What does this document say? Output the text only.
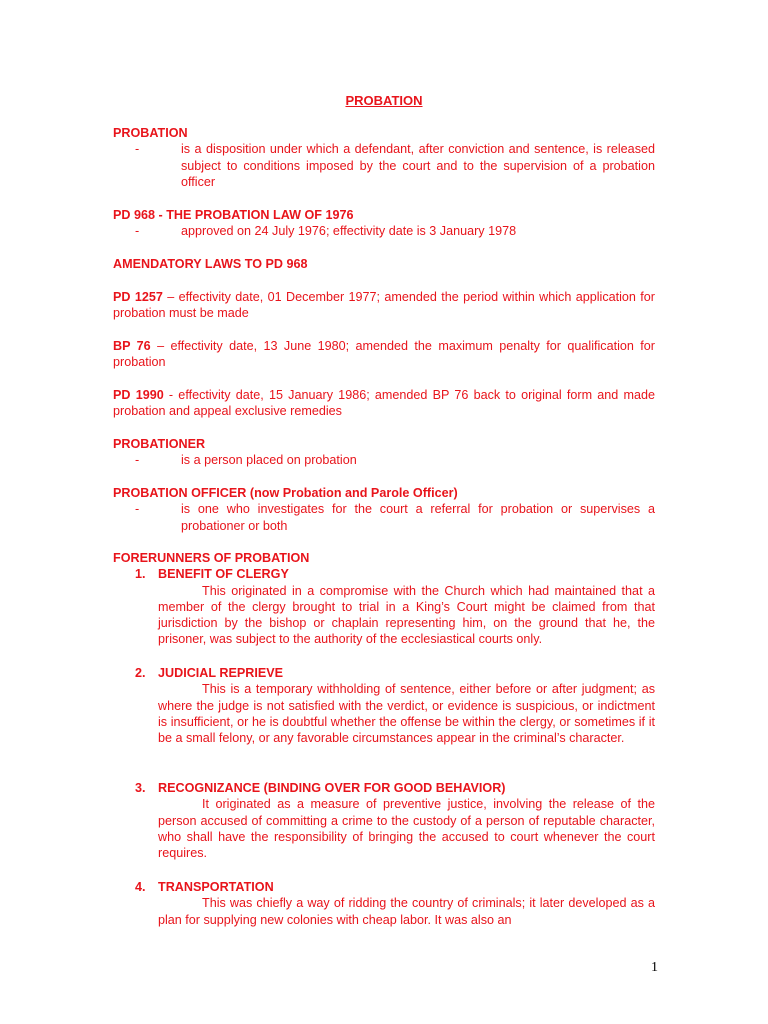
PROBATION

PROBATION

-	is a disposition under which a defendant, after conviction and sentence, is released subject to conditions imposed by the court and to the supervision of a probation officer

PD 968 - THE PROBATION LAW OF 1976

-	approved on 24 July 1976; effectivity date is 3 January 1978

AMENDATORY LAWS TO PD 968

PD 1257 – effectivity date, 01 December 1977; amended the period within which application for probation must be made

BP 76 – effectivity date, 13 June 1980; amended the maximum penalty for qualification for probation

PD 1990 - effectivity date, 15 January 1986; amended BP 76 back to original form and made probation and appeal exclusive remedies

PROBATIONER

-	is a person placed on probation

PROBATION OFFICER (now Probation and Parole Officer)

-	is one who investigates for the court a referral for probation or supervises a probationer or both

FORERUNNERS OF PROBATION

1. BENEFIT OF CLERGY
This originated in a compromise with the Church which had maintained that a member of the clergy brought to trial in a King’s Court might be claimed from that jurisdiction by the bishop or chaplain representing him, on the ground that he, the prisoner, was subject to the authority of the ecclesiastical courts only.
2. JUDICIAL REPRIEVE
This is a temporary withholding of sentence, either before or after judgment; as where the judge is not satisfied with the verdict, or evidence is suspicious, or indictment is insufficient, or he is doubtful whether the offense be within the clergy, or sometimes if it be a small felony, or any favorable circumstances appear in the criminal’s character.
3. RECOGNIZANCE (BINDING OVER FOR GOOD BEHAVIOR)
It originated as a measure of preventive justice, involving the release of the person accused of committing a crime to the custody of a person of reputable character, who shall have the responsibility of bringing the accused to court whenever the court requires.
4. TRANSPORTATION
This was chiefly a way of ridding the country of criminals; it later developed as a plan for supplying new colonies with cheap labor. It was also an
1
